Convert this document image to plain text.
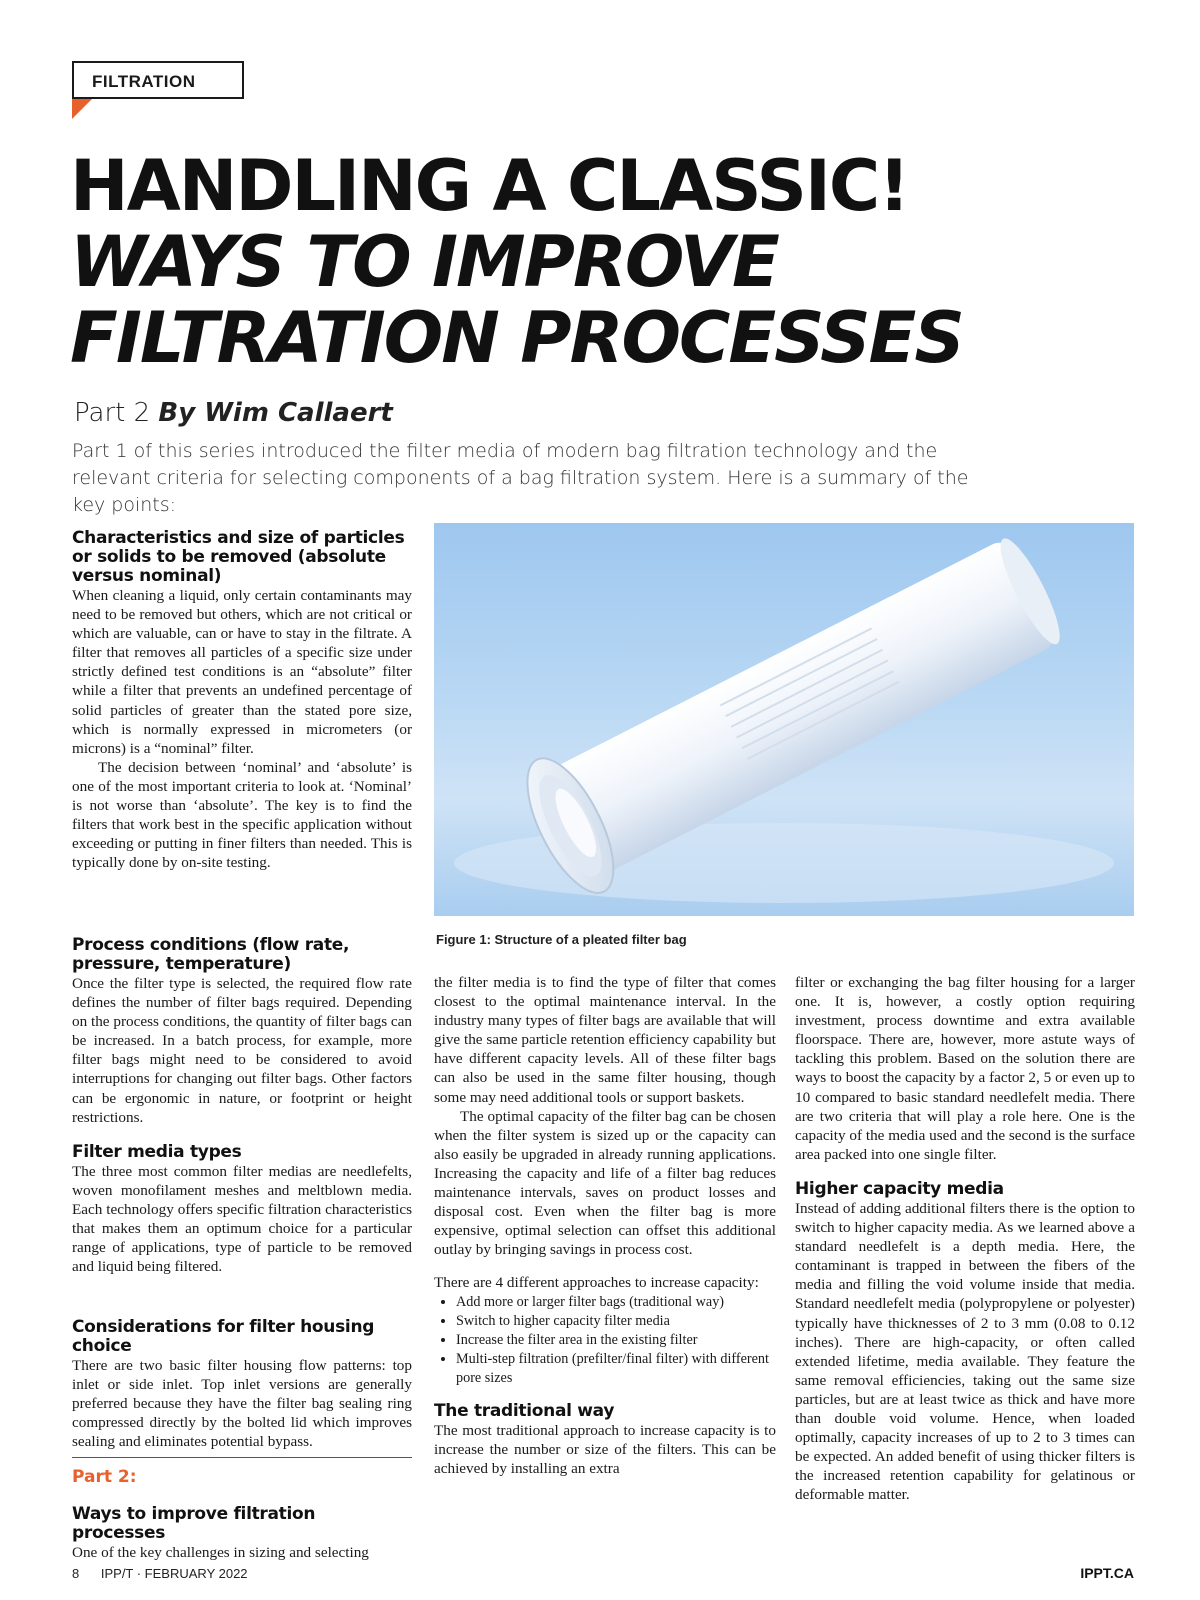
FILTRATION
HANDLING A CLASSIC!
WAYS TO IMPROVE
FILTRATION PROCESSES
Part 2 By Wim Callaert
Part 1 of this series introduced the filter media of modern bag filtration technology and the relevant criteria for selecting components of a bag filtration system. Here is a summary of the key points:
Characteristics and size of particles or solids to be removed (absolute versus nominal)

When cleaning a liquid, only certain contaminants may need to be removed but others, which are not critical or which are valuable, can or have to stay in the filtrate. A filter that removes all particles of a specific size under strictly defined test conditions is an “absolute” filter while a filter that prevents an undefined percentage of solid particles of greater than the stated pore size, which is normally expressed in micrometers (or microns) is a “nominal” filter.

The decision between ‘nominal’ and ‘absolute’ is one of the most important criteria to look at. ‘Nominal’ is not worse than ‘absolute’. The key is to find the filters that work best in the specific application without exceeding or putting in finer filters than needed. This is typically done by on-site testing.

Process conditions (flow rate, pressure, temperature)

Once the filter type is selected, the required flow rate defines the number of filter bags required. Depending on the process conditions, the quantity of filter bags can be increased. In a batch process, for example, more filter bags might need to be considered to avoid interruptions for changing out filter bags. Other factors can be ergonomic in nature, or footprint or height restrictions.

Filter media types

The three most common filter medias are needlefelts, woven monofilament meshes and meltblown media. Each technology offers specific filtration characteristics that makes them an optimum choice for a particular range of applications, type of particle to be removed and liquid being filtered.

Considerations for filter housing choice

There are two basic filter housing flow patterns: top inlet or side inlet. Top inlet versions are generally preferred because they have the filter bag sealing ring compressed directly by the bolted lid which improves sealing and eliminates potential bypass.

Part 2:
Ways to improve filtration processes

One of the key challenges in sizing and selecting

Figure 1: Structure of a pleated filter bag

the filter media is to find the type of filter that comes closest to the optimal maintenance interval. In the industry many types of filter bags are available that will give the same particle retention efficiency capability but have different capacity levels. All of these filter bags can also be used in the same filter housing, though some may need additional tools or support baskets.

The optimal capacity of the filter bag can be chosen when the filter system is sized up or the capacity can also easily be upgraded in already running applications. Increasing the capacity and life of a filter bag reduces maintenance intervals, saves on product losses and disposal cost. Even when the filter bag is more expensive, optimal selection can offset this additional outlay by bringing savings in process cost.

There are 4 different approaches to increase capacity:

• Add more or larger filter bags (traditional way)
• Switch to higher capacity filter media
• Increase the filter area in the existing filter
• Multi-step filtration (prefilter/final filter) with different pore sizes
The traditional way

The most traditional approach to increase capacity is to increase the number or size of the filters. This can be achieved by installing an extra

filter or exchanging the bag filter housing for a larger one. It is, however, a costly option requiring investment, process downtime and extra available floorspace. There are, however, more astute ways of tackling this problem. Based on the solution there are ways to boost the capacity by a factor 2, 5 or even up to 10 compared to basic standard needlefelt media. There are two criteria that will play a role here. One is the capacity of the media used and the second is the surface area packed into one single filter.

Higher capacity media

Instead of adding additional filters there is the option to switch to higher capacity media. As we learned above a standard needlefelt is a depth media. Here, the contaminant is trapped in between the fibers of the media and filling the void volume inside that media. Standard needlefelt media (polypropylene or polyester) typically have thicknesses of 2 to 3 mm (0.08 to 0.12 inches). There are high-capacity, or often called extended lifetime, media available. They feature the same removal efficiencies, taking out the same size particles, but are at least twice as thick and have more than double void volume. Hence, when loaded optimally, capacity increases of up to 2 to 3 times can be expected. An added benefit of using thicker filters is the increased retention capability for gelatinous or deformable matter.

8 IPP/T · FEBRUARY 2022	IPPT.CA
